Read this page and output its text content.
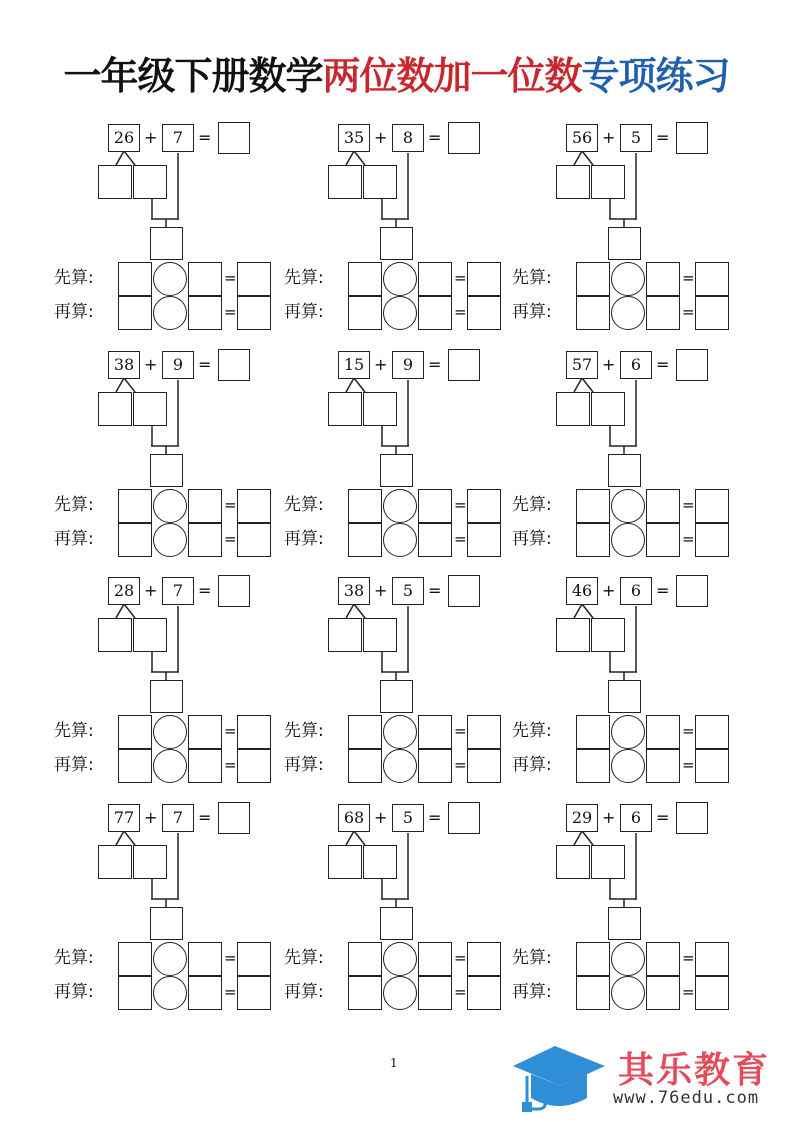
一年级下册数学两位数加一位数专项练习
26 + 7 =
先算:	=
再算:	=
35 + 8 =
先算:	=
再算:	=
56 + 5 =
先算:	=
再算:	=
38 + 9 =
先算:	=
再算:	=
15 + 9 =
先算:	=
再算:	=
57 + 6 =
先算:	=
再算:	=
28 + 7 =
先算:	=
再算:	=
38 + 5 =
先算:	=
再算:	=
46 + 6 =
先算:	=
再算:	=
77 + 7 =
先算:	=
再算:	=
68 + 5 =
先算:	=
再算:	=
29 + 6 =
先算:	=
再算:	=
1	其乐教育
www.76edu.com
